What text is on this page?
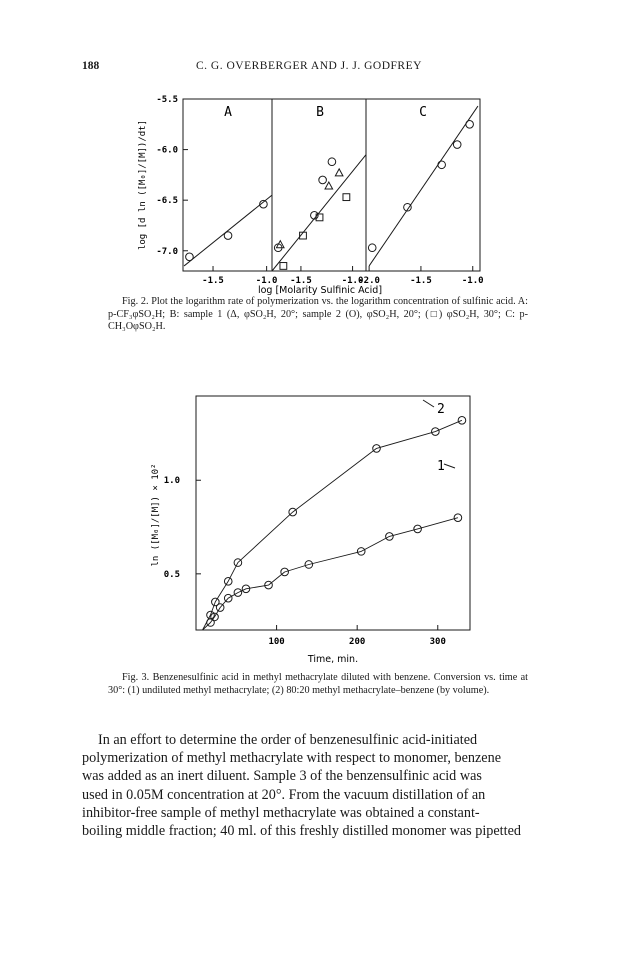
188	C. G. OVERBERGER AND J. J. GODFREY
A	B	C
-5.5
-6.0
-6.5
-7.0
-1.5	-1.0 -1.5	-1.0
-2.0	-1.5	-1.0
log [d ln ([M₀]/[M])/dt]
log [Molarity Sulfinic Acid]
Fig. 2. Plot the logarithm rate of polymerization vs. the logarithm concentration of sulfinic acid. A: p-CF₃φSO₂H; B: sample 1 (Δ, φSO₂H, 20°; sample 2 (O), φSO₂H, 20°; (□) φSO₂H, 30°; C: p-CH₃OφSO₂H.
1.0
0.5
100	200	300
2
1
ln ([M₀]/[M]) × 10²
Time, min.
Fig. 3. Benzenesulfinic acid in methyl methacrylate diluted with benzene. Conversion vs. time at 30°: (1) undiluted methyl methacrylate; (2) 80:20 methyl methacrylate–benzene (by volume).
In an effort to determine the order of benzenesulfinic acid-initiated
polymerization of methyl methacrylate with respect to monomer, benzene
was added as an inert diluent. Sample 3 of the benzensulfinic acid was
used in 0.05M concentration at 20°. From the vacuum distillation of an
inhibitor-free sample of methyl methacrylate was obtained a constant-
boiling middle fraction; 40 ml. of this freshly distilled monomer was pipetted
